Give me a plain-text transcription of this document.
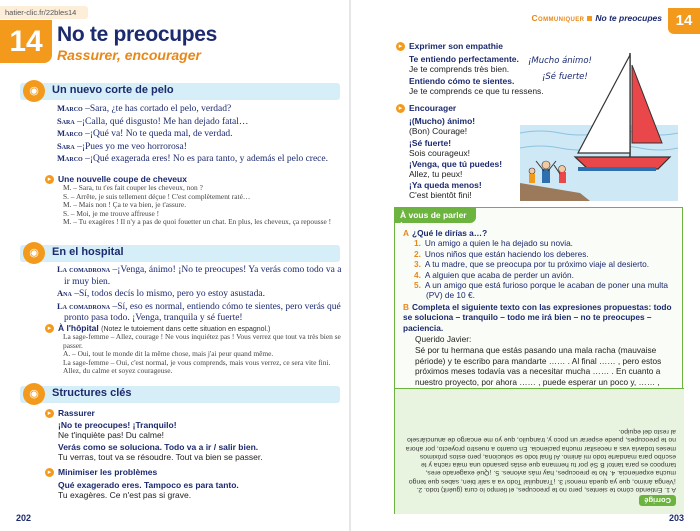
hatier-clic.fr/22bles14
14 No te preocupes
Rassurer, encourager
◉	Un nuevo corte de pelo

Marco –Sara, ¿te has cortado el pelo, verdad?

Sara –¡Calla, qué disgusto! Me han dejado fatal…

Marco –¡Qué va! No te queda mal, de verdad.

Sara –¡Pues yo me veo horrorosa!

Marco –¡Qué exagerada eres! No es para tanto, y además el pelo crece.

▸ Une nouvelle coupe de cheveux
M. – Sara, tu t'es fait couper les cheveux, non ?
S. – Arrête, je suis tellement déçue ! C'est complètement raté…
M. – Mais non ! Ça te va bien, je t'assure.
S. – Moi, je me trouve affreuse !
M. – Tu exagères ! Il n'y a pas de quoi fouetter un chat. En plus, les cheveux, ça repousse !
◉	En el hospital

La comadrona –¡Venga, ánimo! ¡No te preocupes! Ya verás como todo va a ir muy bien.

Ana –Sí, todos decís lo mismo, pero yo estoy asustada.

La comadrona –Sí, eso es normal, entiendo cómo te sientes, pero verás qué pronto pasa todo. ¡Venga, tranquila y sé fuerte!

▸ À l'hôpital (Notez le tutoiement dans cette situation en espagnol.)
La sage-femme – Allez, courage ! Ne vous inquiétez pas ! Vous verrez que tout va très bien se passer.
A. – Oui, tout le monde dit la même chose, mais j'ai peur quand même.
La sage-femme – Oui, c'est normal, je vous comprends, mais vous verrez, ce sera vite fini. Allez, du calme et soyez courageuse.
◉	Structures clés
▸ Rassurer
¡No te preocupes! ¡Tranquilo!
Ne t'inquiète pas! Du calme!
Verás como se soluciona. Todo va a ir / salir bien.
Tu verras, tout va se résoudre. Tout va bien se passer.
▸ Minimiser les problèmes
Qué exagerado eres. Tampoco es para tanto.
Tu exagères. Ce n'est pas si grave.
202
Communiquer No te preocupes 14
▸ Exprimer son empathie
Te entiendo perfectamente.
Je te comprends très bien.
Entiendo cómo te sientes.
Je te comprends ce que tu ressens.
▸ Encourager
¡(Mucho) ánimo!
(Bon) Courage!
¡Sé fuerte!
Sois courageux!
¡Venga, que tú puedes!
Allez, tu peux!
¡Ya queda menos!
C'est bientôt fini!
¡Mucho ánimo!
¡Sé fuerte!
À vous de parler !
A ¿Qué le dirías a…?
1. Un amigo a quien le ha dejado su novia.
2. Unos niños que están haciendo los deberes.
3. A tu madre, que se preocupa por tu próximo viaje al desierto.
4. A alguien que acaba de perder un avión.
5. A un amigo que está furioso porque le acaban de poner una multa (PV) de 10 €.
B Completa el siguiente texto con las expresiones propuestas: todo se soluciona – tranquilo – todo me irá bien – no te preocupes – paciencia.
Querido Javier:
Sé por tu hermana que estás pasando una mala racha (mauvaise période) y te escribo para mandarte …… . Al final …… , pero estos próximos meses todavía vas a necesitar mucha …… . En cuanto a nuestro proyecto, por ahora …… , puede esperar un poco y, …… ,
Corrigé
A 1. Entiendo cómo te sientes, pero no te preocupes, el tiempo lo cura (guérit) todo. 2. ¡Venga ánimo, que ya queda menos! 3. ¡Tranquila! Todo va a salir bien, sabes que tengo mucha experiencia. 4. No te preocupes, hay más aviones. 5. ¡Qué exagerado eres, tampoco es para tanto! B Sé por tu hermana que estás pasando una mala racha y te escribo para mandarte todo mi ánimo. Al final todo se soluciona, pero estos próximos meses todavía vas a necesitar mucha paciencia. En cuanto a nuestro proyecto, por ahora no te preocupes, puede esperar un poco y, tranquilo, que yo me encargo de anunciárselo al resto del equipo.
203
